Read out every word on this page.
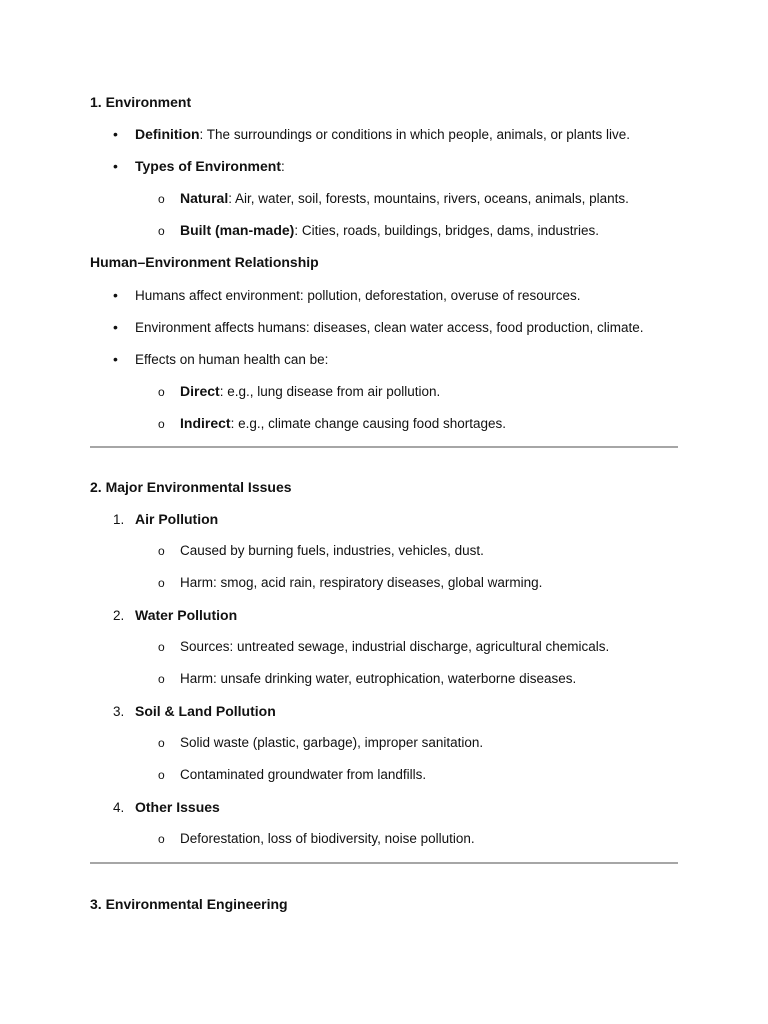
1. Environment
• Definition: The surroundings or conditions in which people, animals, or plants live.
• Types of Environment:
o Natural: Air, water, soil, forests, mountains, rivers, oceans, animals, plants.
o Built (man-made): Cities, roads, buildings, bridges, dams, industries.
Human–Environment Relationship
• Humans affect environment: pollution, deforestation, overuse of resources.
• Environment affects humans: diseases, clean water access, food production, climate.
• Effects on human health can be:
o Direct: e.g., lung disease from air pollution.
o Indirect: e.g., climate change causing food shortages.
2. Major Environmental Issues
1. Air Pollution
o Caused by burning fuels, industries, vehicles, dust.
o Harm: smog, acid rain, respiratory diseases, global warming.
2. Water Pollution
o Sources: untreated sewage, industrial discharge, agricultural chemicals.
o Harm: unsafe drinking water, eutrophication, waterborne diseases.
3. Soil & Land Pollution
o Solid waste (plastic, garbage), improper sanitation.
o Contaminated groundwater from landfills.
4. Other Issues
o Deforestation, loss of biodiversity, noise pollution.
3. Environmental Engineering
